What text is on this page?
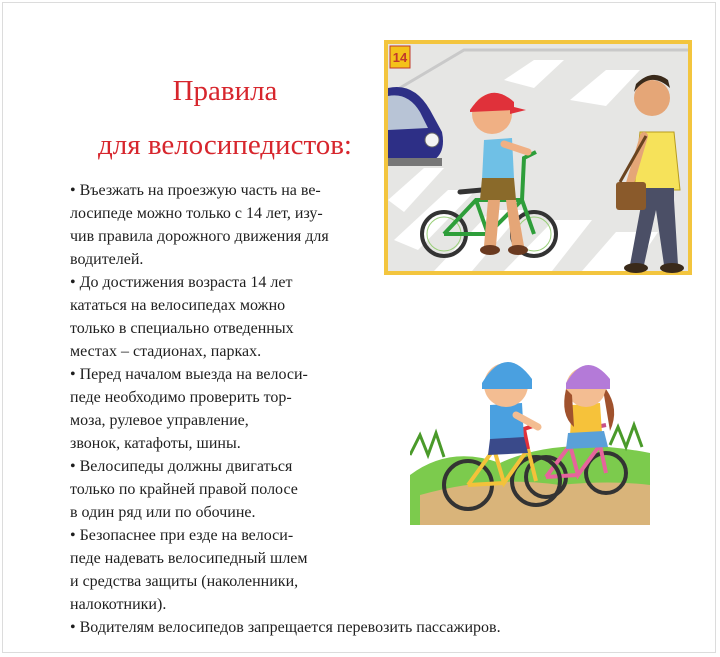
Правила
для велосипедистов:
• Въезжать на проезжую часть на ве-
лосипеде можно только с 14 лет, изу-
чив правила дорожного движения для
водителей.
• До достижения возраста 14 лет
кататься на велосипедах можно
только в специально отведенных
местах – стадионах, парках.
• Перед началом выезда на велоси-
педе необходимо проверить тор-
моза, рулевое управление,
звонок, катафоты, шины.
• Велосипеды должны двигаться
только по крайней правой полосе
в один ряд или по обочине.
• Безопаснее при езде на велоси-
педе надевать велосипедный шлем
и средства защиты (наколенники,
налокотники).
• Водителям велосипедов запрещается перевозить пассажиров.
14
